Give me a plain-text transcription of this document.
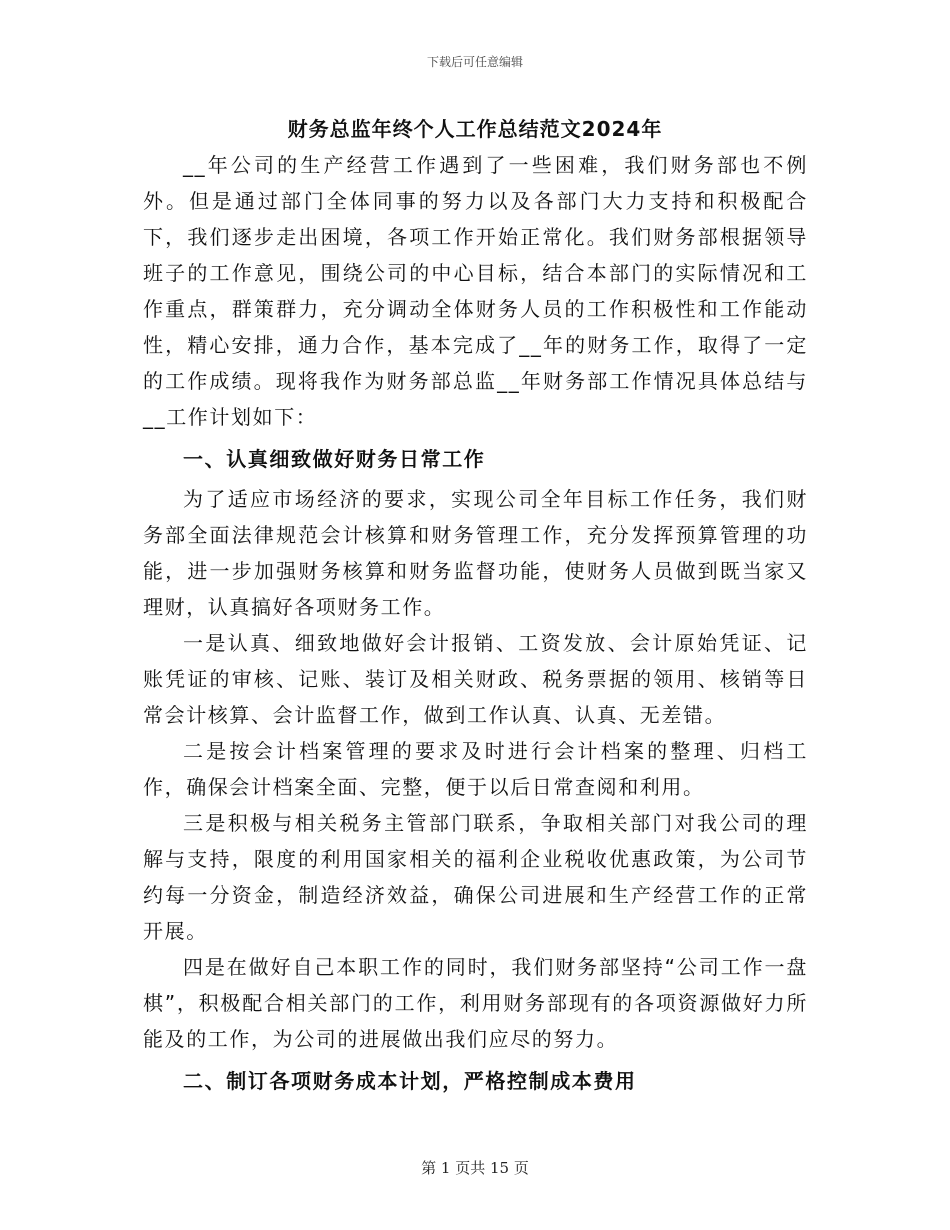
下载后可任意编辑
财务总监年终个人工作总结范文2024年

__年公司的生产经营工作遇到了一些困难，我们财务部也不例外。但是通过部门全体同事的努力以及各部门大力支持和积极配合下，我们逐步走出困境，各项工作开始正常化。我们财务部根据领导班子的工作意见，围绕公司的中心目标，结合本部门的实际情况和工作重点，群策群力，充分调动全体财务人员的工作积极性和工作能动性，精心安排，通力合作，基本完成了__年的财务工作，取得了一定的工作成绩。现将我作为财务部总监__年财务部工作情况具体总结与__工作计划如下：

一、认真细致做好财务日常工作

为了适应市场经济的要求，实现公司全年目标工作任务，我们财务部全面法律规范会计核算和财务管理工作，充分发挥预算管理的功能，进一步加强财务核算和财务监督功能，使财务人员做到既当家又理财，认真搞好各项财务工作。

一是认真、细致地做好会计报销、工资发放、会计原始凭证、记账凭证的审核、记账、装订及相关财政、税务票据的领用、核销等日常会计核算、会计监督工作，做到工作认真、认真、无差错。

二是按会计档案管理的要求及时进行会计档案的整理、归档工作，确保会计档案全面、完整，便于以后日常查阅和利用。

三是积极与相关税务主管部门联系，争取相关部门对我公司的理解与支持，限度的利用国家相关的福利企业税收优惠政策，为公司节约每一分资金，制造经济效益，确保公司进展和生产经营工作的正常开展。

四是在做好自己本职工作的同时，我们财务部坚持“公司工作一盘棋”，积极配合相关部门的工作，利用财务部现有的各项资源做好力所能及的工作，为公司的进展做出我们应尽的努力。

二、制订各项财务成本计划，严格控制成本费用
第 1 页共 15 页
